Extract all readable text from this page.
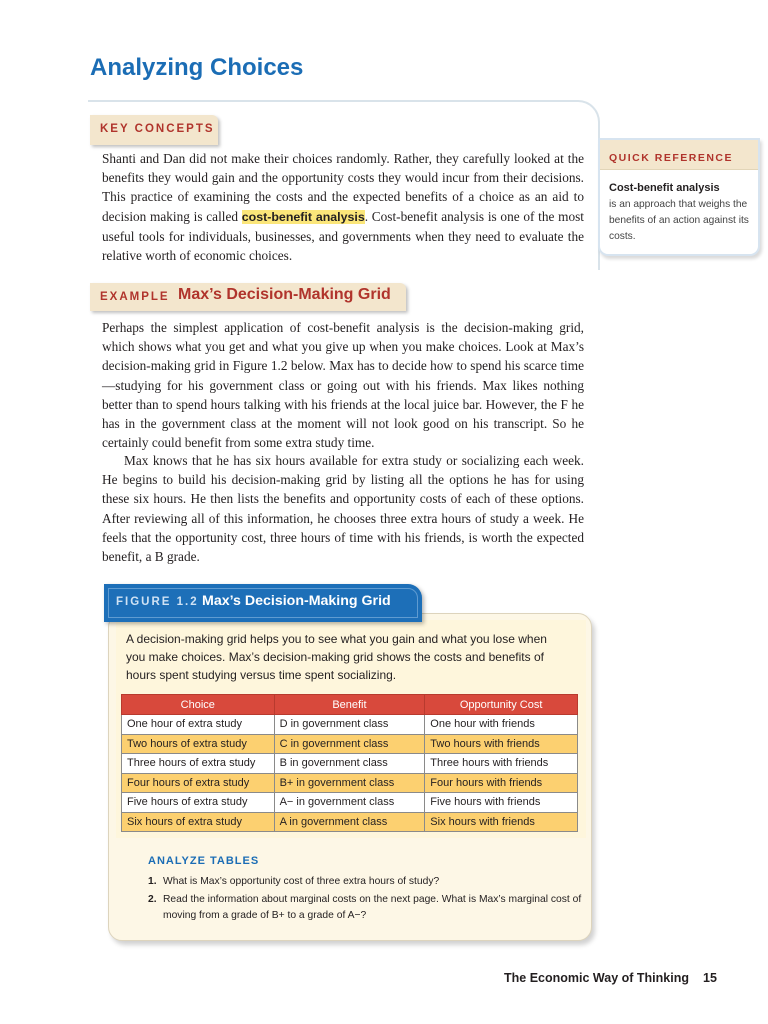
Analyzing Choices
KEY CONCEPTS
Shanti and Dan did not make their choices randomly. Rather, they carefully looked at the benefits they would gain and the opportunity costs they would incur from their decisions. This practice of examining the costs and the expected benefits of a choice as an aid to decision making is called cost-benefit analysis. Cost-benefit analysis is one of the most useful tools for individuals, businesses, and governments when they need to evaluate the relative worth of economic choices.
QUICK REFERENCE
Cost-benefit analysis
is an approach that weighs the benefits of an action against its costs.
EXAMPLE Max’s Decision-Making Grid
Perhaps the simplest application of cost-benefit analysis is the decision-making grid, which shows what you get and what you give up when you make choices. Look at Max’s decision-making grid in Figure 1.2 below. Max has to decide how to spend his scarce time—studying for his government class or going out with his friends. Max likes nothing better than to spend hours talking with his friends at the local juice bar. However, the F he has in the government class at the moment will not look good on his transcript. So he certainly could benefit from some extra study time.
Max knows that he has six hours available for extra study or socializing each week. He begins to build his decision-making grid by listing all the options he has for using these six hours. He then lists the benefits and opportunity costs of each of these options. After reviewing all of this information, he chooses three extra hours of study a week. He feels that the opportunity cost, three hours of time with his friends, is worth the expected benefit, a B grade.
FIGURE 1.2 Max’s Decision-Making Grid
A decision-making grid helps you to see what you gain and what you lose when you make choices. Max’s decision-making grid shows the costs and benefits of hours spent studying versus time spent socializing.
Choice	Benefit	Opportunity Cost
One hour of extra study	D in government class	One hour with friends
Two hours of extra study	C in government class	Two hours with friends
Three hours of extra study	B in government class	Three hours with friends
Four hours of extra study	B+ in government class	Four hours with friends
Five hours of extra study	A− in government class	Five hours with friends
Six hours of extra study	A in government class	Six hours with friends
ANALYZE TABLES
1. What is Max’s opportunity cost of three extra hours of study?
2. Read the information about marginal costs on the next page. What is Max’s marginal cost of moving from a grade of B+ to a grade of A−?
The Economic Way of Thinking 15
